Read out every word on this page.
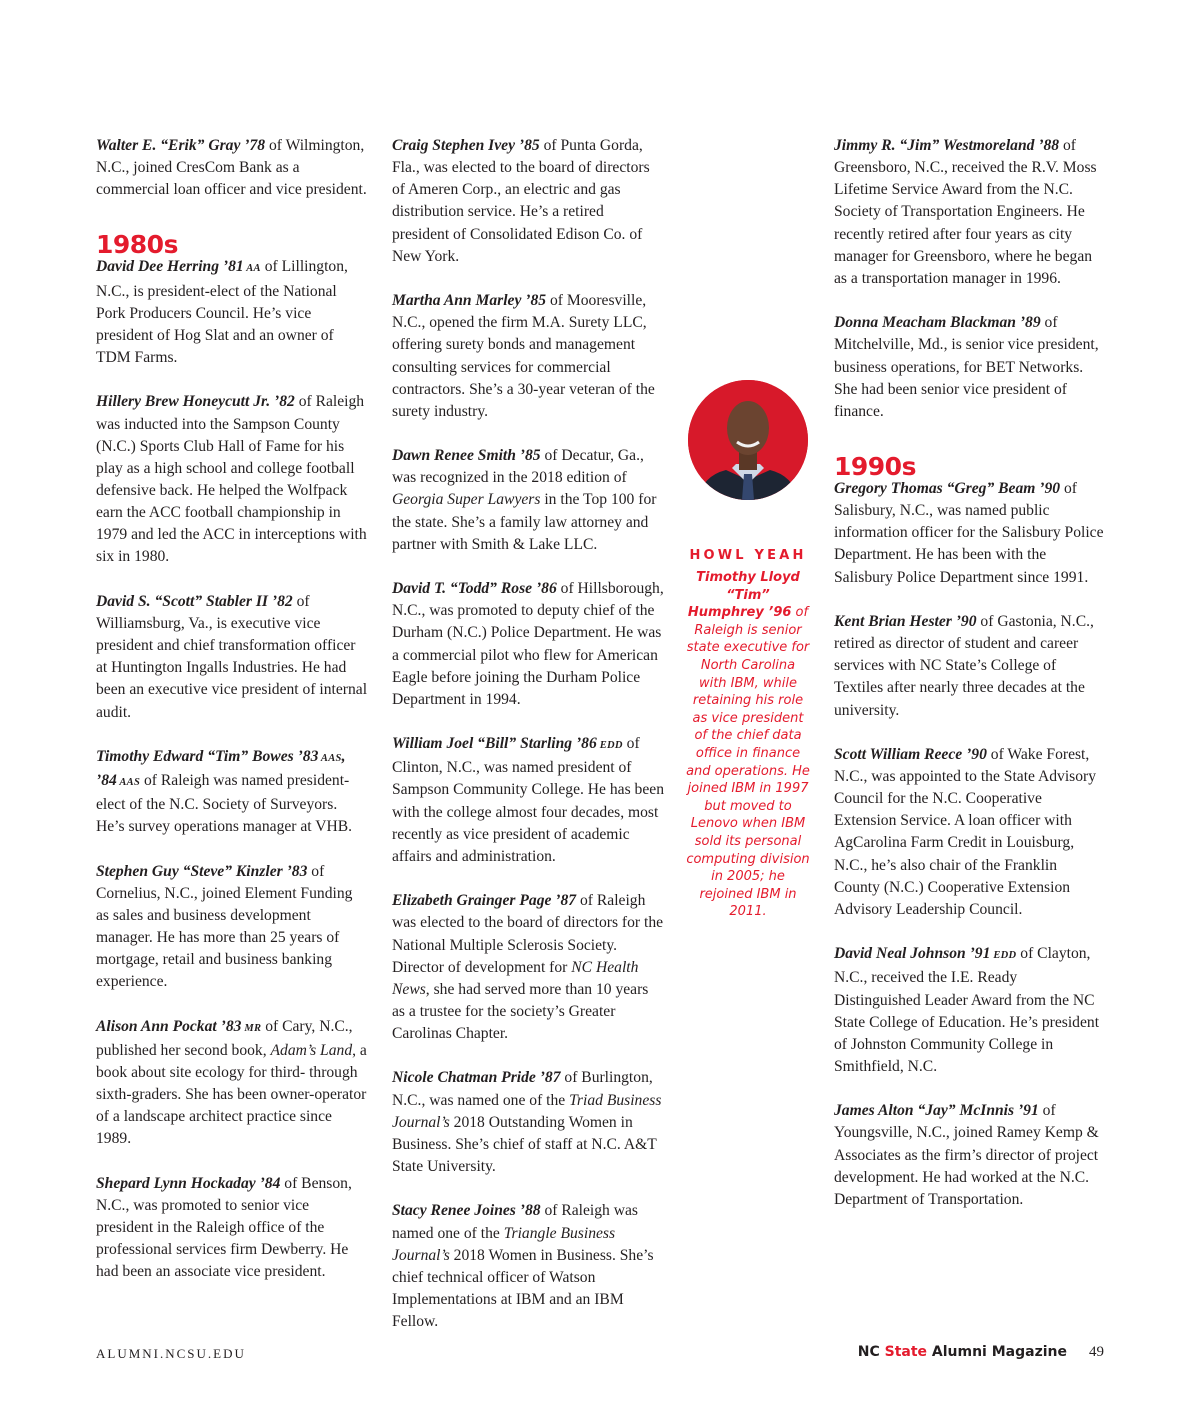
Walter E. “Erik” Gray ’78 of Wilmington, N.C., joined CresCom Bank as a commercial loan officer and vice president.
1980s
David Dee Herring ’81 AA of Lillington, N.C., is president-elect of the National Pork Producers Council. He’s vice president of Hog Slat and an owner of TDM Farms.
Hillery Brew Honeycutt Jr. ’82 of Raleigh was inducted into the Sampson County (N.C.) Sports Club Hall of Fame for his play as a high school and college football defensive back. He helped the Wolfpack earn the ACC football championship in 1979 and led the ACC in interceptions with six in 1980.
David S. “Scott” Stabler II ’82 of Williamsburg, Va., is executive vice president and chief transformation officer at Huntington Ingalls Industries. He had been an executive vice president of internal audit.
Timothy Edward “Tim” Bowes ’83 AAS, ’84 AAS of Raleigh was named president-elect of the N.C. Society of Surveyors. He’s survey operations manager at VHB.
Stephen Guy “Steve” Kinzler ’83 of Cornelius, N.C., joined Element Funding as sales and business development manager. He has more than 25 years of mortgage, retail and business banking experience.
Alison Ann Pockat ’83 MR of Cary, N.C., published her second book, Adam’s Land, a book about site ecology for third- through sixth-graders. She has been owner-operator of a landscape architect practice since 1989.
Shepard Lynn Hockaday ’84 of Benson, N.C., was promoted to senior vice president in the Raleigh office of the professional services firm Dewberry. He had been an associate vice president.
Craig Stephen Ivey ’85 of Punta Gorda, Fla., was elected to the board of directors of Ameren Corp., an electric and gas distribution service. He’s a retired president of Consolidated Edison Co. of New York.
Martha Ann Marley ’85 of Mooresville, N.C., opened the firm M.A. Surety LLC, offering surety bonds and management consulting services for commercial contractors. She’s a 30-year veteran of the surety industry.
Dawn Renee Smith ’85 of Decatur, Ga., was recognized in the 2018 edition of Georgia Super Lawyers in the Top 100 for the state. She’s a family law attorney and partner with Smith & Lake LLC.
David T. “Todd” Rose ’86 of Hillsborough, N.C., was promoted to deputy chief of the Durham (N.C.) Police Department. He was a commercial pilot who flew for American Eagle before joining the Durham Police Department in 1994.
William Joel “Bill” Starling ’86 EDD of Clinton, N.C., was named president of Sampson Community College. He has been with the college almost four decades, most recently as vice president of academic affairs and administration.
Elizabeth Grainger Page ’87 of Raleigh was elected to the board of directors for the National Multiple Sclerosis Society. Director of development for NC Health News, she had served more than 10 years as a trustee for the society’s Greater Carolinas Chapter.
Nicole Chatman Pride ’87 of Burlington, N.C., was named one of the Triad Business Journal’s 2018 Outstanding Women in Business. She’s chief of staff at N.C. A&T State University.
Stacy Renee Joines ’88 of Raleigh was named one of the Triangle Business Journal’s 2018 Women in Business. She’s chief technical officer of Watson Implementations at IBM and an IBM Fellow.
HOWL YEAH
Timothy Lloyd “Tim” Humphrey ’96 of Raleigh is senior state executive for North Carolina with IBM, while retaining his role as vice president of the chief data office in finance and operations. He joined IBM in 1997 but moved to Lenovo when IBM sold its personal computing division in 2005; he rejoined IBM in 2011.
Jimmy R. “Jim” Westmoreland ’88 of Greensboro, N.C., received the R.V. Moss Lifetime Service Award from the N.C. Society of Transportation Engineers. He recently retired after four years as city manager for Greensboro, where he began as a transportation manager in 1996.
Donna Meacham Blackman ’89 of Mitchelville, Md., is senior vice president, business operations, for BET Networks. She had been senior vice president of finance.
1990s
Gregory Thomas “Greg” Beam ’90 of Salisbury, N.C., was named public information officer for the Salisbury Police Department. He has been with the Salisbury Police Department since 1991.
Kent Brian Hester ’90 of Gastonia, N.C., retired as director of student and career services with NC State’s College of Textiles after nearly three decades at the university.
Scott William Reece ’90 of Wake Forest, N.C., was appointed to the State Advisory Council for the N.C. Cooperative Extension Service. A loan officer with AgCarolina Farm Credit in Louisburg, N.C., he’s also chair of the Franklin County (N.C.) Cooperative Extension Advisory Leadership Council.
David Neal Johnson ’91 EDD of Clayton, N.C., received the I.E. Ready Distinguished Leader Award from the NC State College of Education. He’s president of Johnston Community College in Smithfield, N.C.
James Alton “Jay” McInnis ’91 of Youngsville, N.C., joined Ramey Kemp & Associates as the firm’s director of project development. He had worked at the N.C. Department of Transportation.
ALUMNI.NCSU.EDU	NC State Alumni Magazine 49
